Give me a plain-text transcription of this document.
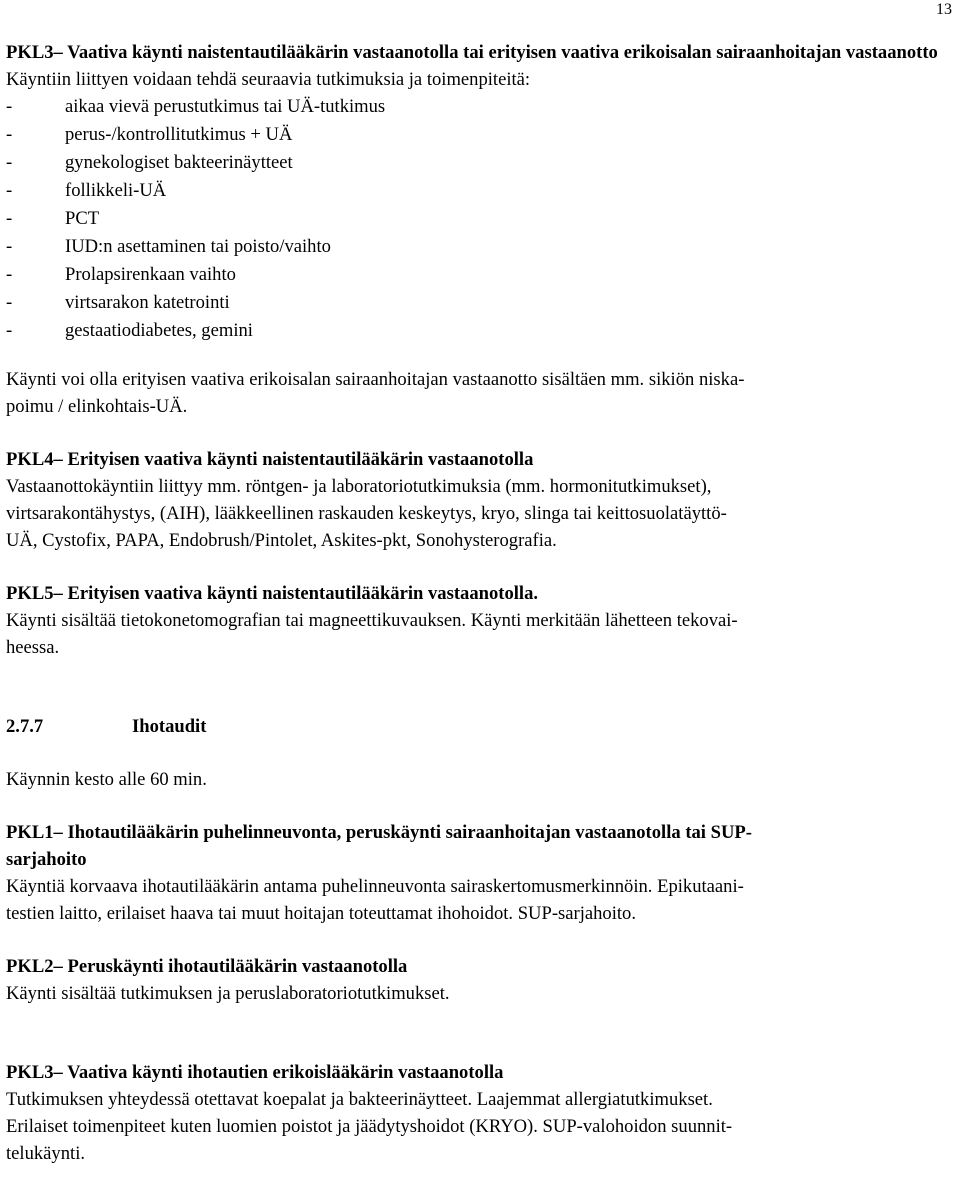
13

PKL3– Vaativa käynti naistentautilääkärin vastaanotolla tai erityisen vaativa erikoisalan sairaanhoitajan vastaanotto

Käyntiin liittyen voidaan tehdä seuraavia tutkimuksia ja toimenpiteitä:

-	aikaa vievä perustutkimus tai UÄ-tutkimus
-	perus-/kontrollitutkimus + UÄ
-	gynekologiset bakteerinäytteet
-	follikkeli-UÄ
-	PCT
-	IUD:n asettaminen tai poisto/vaihto
-	Prolapsirenkaan vaihto
-	virtsarakon katetrointi
-	gestaatiodiabetes, gemini

Käynti voi olla erityisen vaativa erikoisalan sairaanhoitajan vastaanotto sisältäen mm. sikiön niska-

poimu / elinkohtais-UÄ.

PKL4– Erityisen vaativa käynti naistentautilääkärin vastaanotolla

Vastaanottokäyntiin liittyy mm. röntgen- ja laboratoriotutkimuksia (mm. hormonitutkimukset),

virtsarakontähystys, (AIH), lääkkeellinen raskauden keskeytys, kryo, slinga tai keittosuolatäyttö-

UÄ, Cystofix, PAPA, Endobrush/Pintolet, Askites-pkt, Sonohysterografia.

PKL5– Erityisen vaativa käynti naistentautilääkärin vastaanotolla.

Käynti sisältää tietokonetomografian tai magneettikuvauksen. Käynti merkitään lähetteen tekovai-

heessa.

2.7.7	Ihotaudit

Käynnin kesto alle 60 min.

PKL1– Ihotautilääkärin puhelinneuvonta, peruskäynti sairaanhoitajan vastaanotolla tai SUP-

sarjahoito

Käyntiä korvaava ihotautilääkärin antama puhelinneuvonta sairaskertomusmerkinnöin. Epikutaani-

testien laitto, erilaiset haava tai muut hoitajan toteuttamat ihohoidot. SUP-sarjahoito.

PKL2– Peruskäynti ihotautilääkärin vastaanotolla

Käynti sisältää tutkimuksen ja peruslaboratoriotutkimukset.

PKL3– Vaativa käynti ihotautien erikoislääkärin vastaanotolla

Tutkimuksen yhteydessä otettavat koepalat ja bakteerinäytteet. Laajemmat allergiatutkimukset.

Erilaiset toimenpiteet kuten luomien poistot ja jäädytyshoidot (KRYO). SUP-valohoidon suunnit-

telukäynti.
